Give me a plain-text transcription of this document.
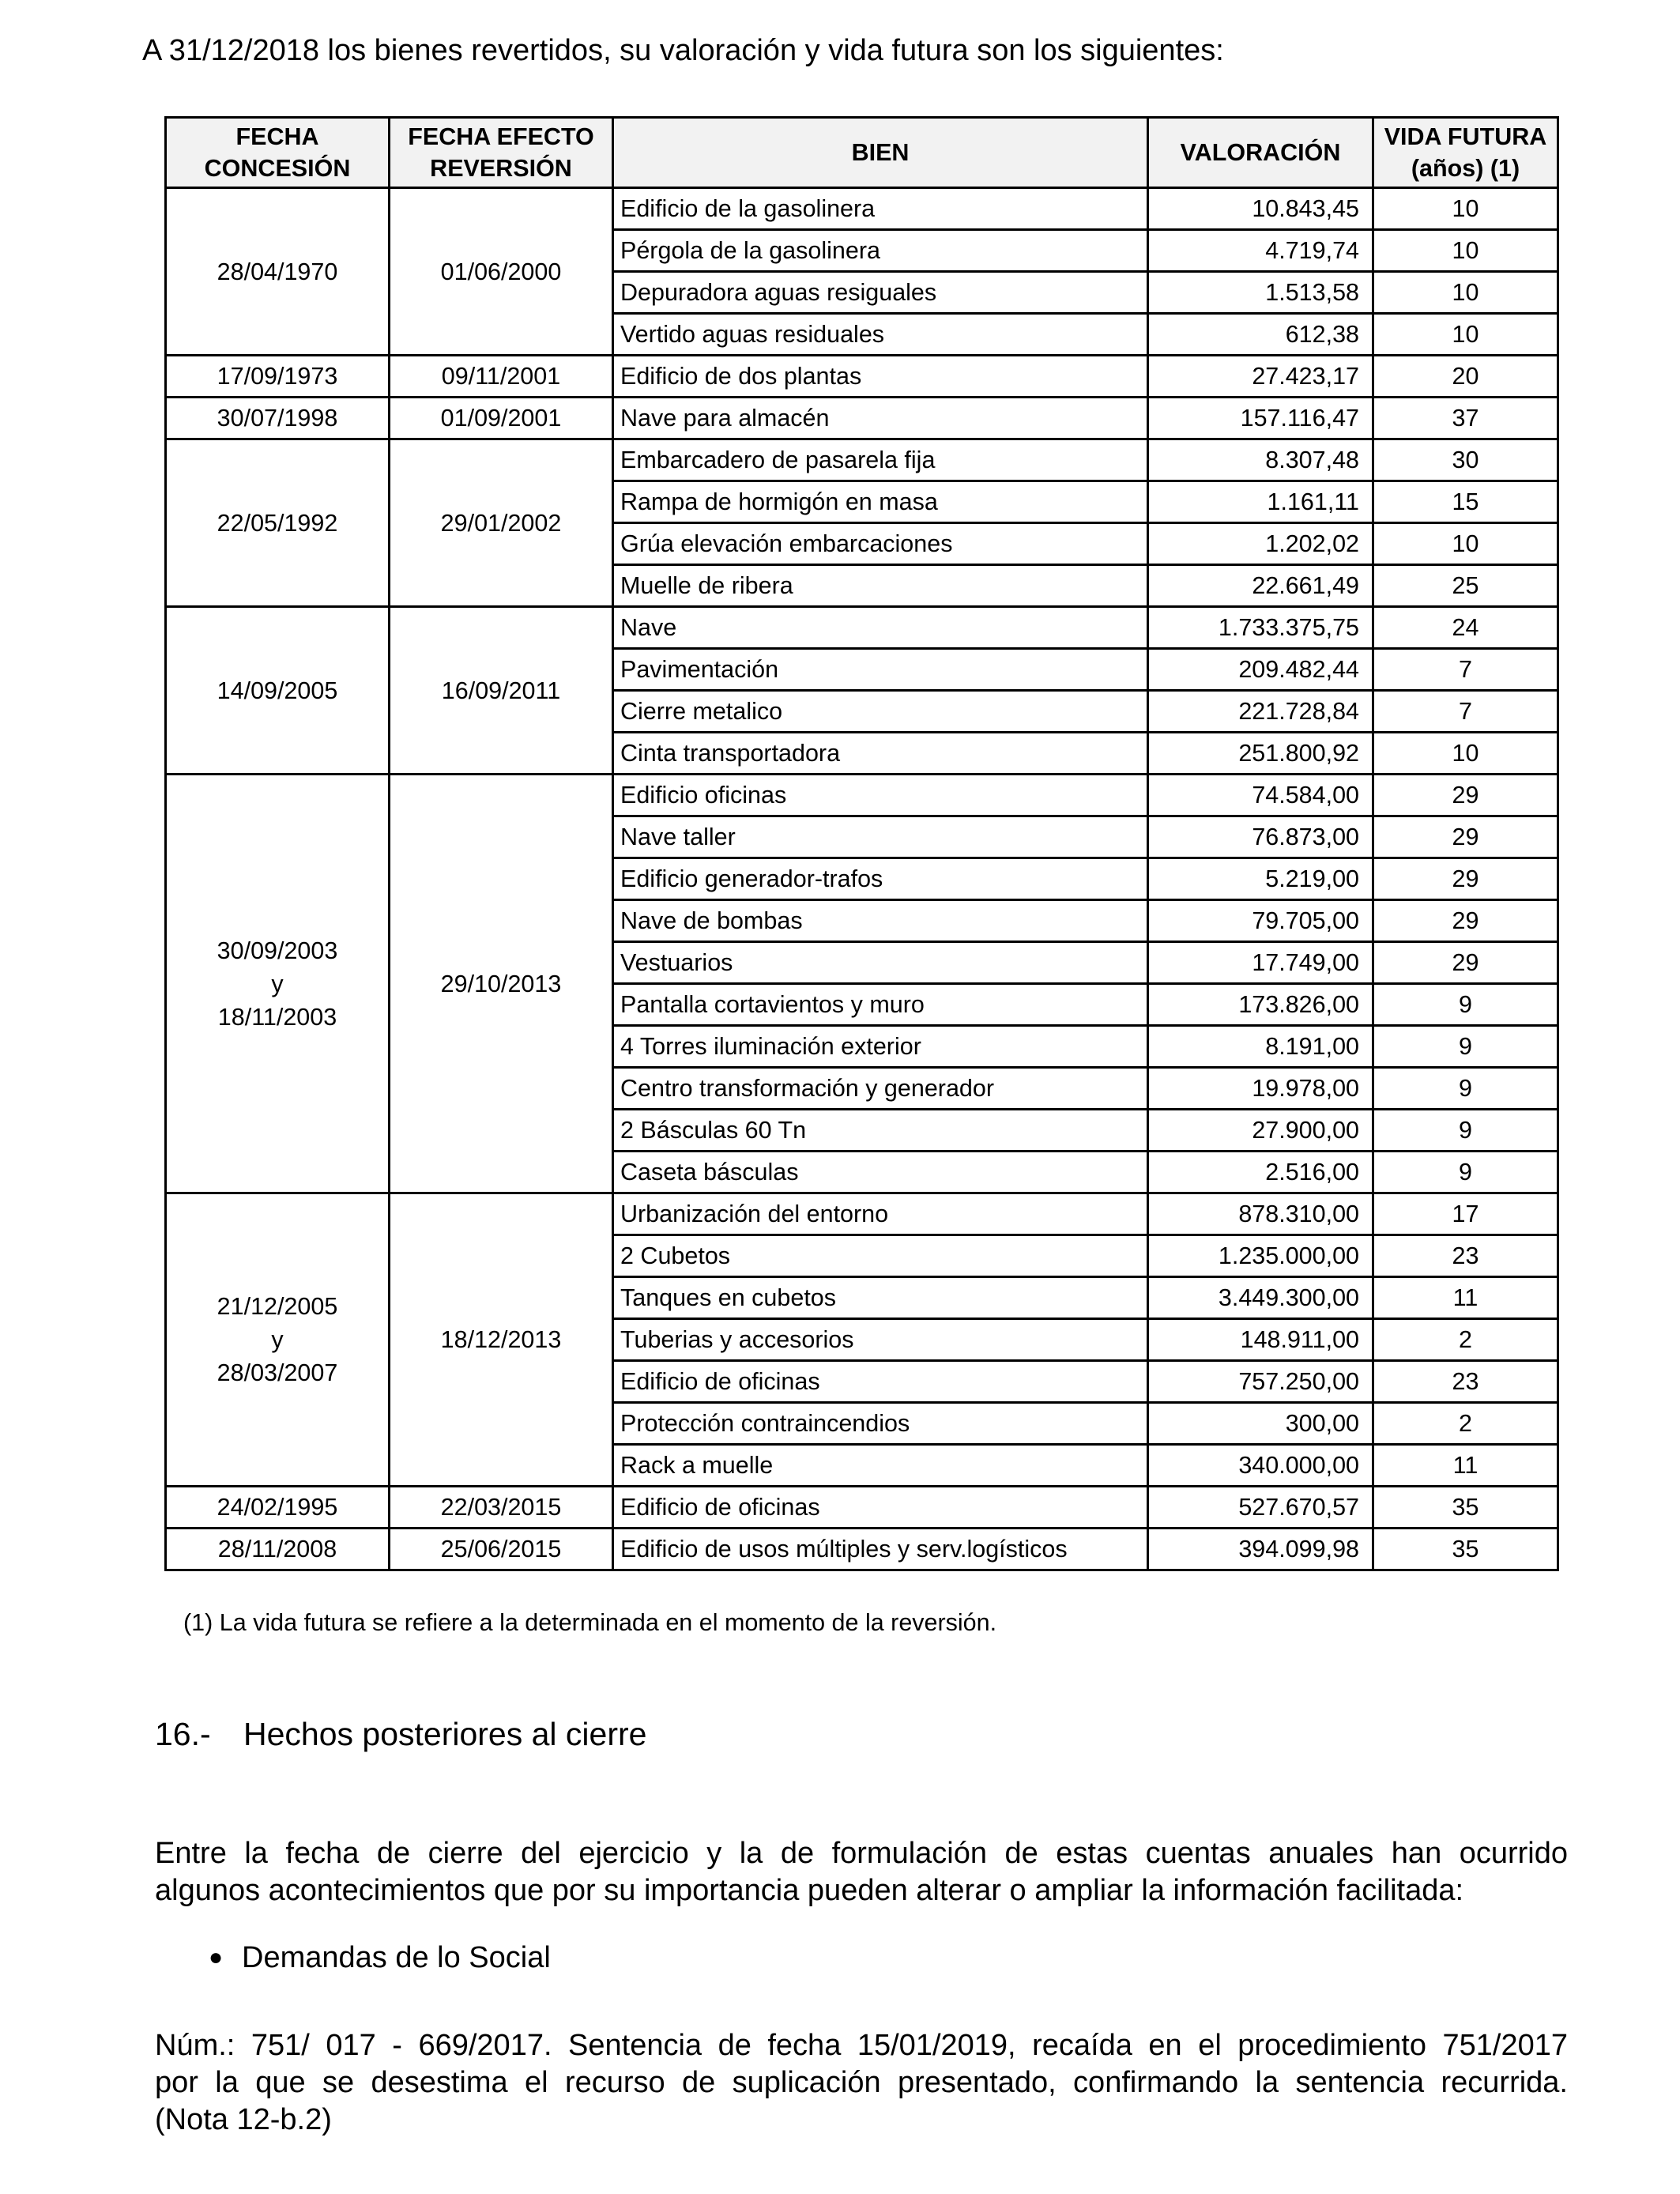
A 31/12/2018 los bienes revertidos, su valoración y vida futura son los siguientes:
FECHA CONCESIÓN	FECHA EFECTO REVERSIÓN	BIEN	VALORACIÓN	VIDA FUTURA (años) (1)

28/04/1970	01/06/2000	Edificio de la gasolinera	10.843,45	10
		Pérgola de la gasolinera	4.719,74	10
		Depuradora aguas resiguales	1.513,58	10
		Vertido aguas residuales	612,38	10

17/09/1973	09/11/2001	Edificio de dos plantas	27.423,17	20

30/07/1998	01/09/2001	Nave para almacén	157.116,47	37

22/05/1992	29/01/2002	Embarcadero de pasarela fija	8.307,48	30
		Rampa de hormigón en masa	1.161,11	15
		Grúa elevación embarcaciones	1.202,02	10
		Muelle de ribera	22.661,49	25

14/09/2005	16/09/2011	Nave	1.733.375,75	24
		Pavimentación	209.482,44	7
		Cierre metalico	221.728,84	7
		Cinta transportadora	251.800,92	10

30/09/2003
y
18/11/2003	29/10/2013	Edificio oficinas	74.584,00	29
		Nave taller	76.873,00	29
		Edificio generador-trafos	5.219,00	29
		Nave de bombas	79.705,00	29
		Vestuarios	17.749,00	29
		Pantalla cortavientos y muro	173.826,00	9
		4 Torres iluminación exterior	8.191,00	9
		Centro transformación y generador	19.978,00	9
		2 Básculas 60 Tn	27.900,00	9
		Caseta básculas	2.516,00	9

21/12/2005
y
28/03/2007	18/12/2013	Urbanización del entorno	878.310,00	17
		2 Cubetos	1.235.000,00	23
		Tanques en cubetos	3.449.300,00	11
		Tuberias y accesorios	148.911,00	2
		Edificio de oficinas	757.250,00	23
		Protección contraincendios	300,00	2
		Rack a muelle	340.000,00	11

24/02/1995	22/03/2015	Edificio de oficinas	527.670,57	35

28/11/2008	25/06/2015	Edificio de usos múltiples y serv.logísticos	394.099,98	35
(1) La vida futura se refiere a la determinada en el momento de la reversión.
16.- Hechos posteriores al cierre
Entre la fecha de cierre del ejercicio y la de formulación de estas cuentas anuales han ocurrido
algunos acontecimientos que por su importancia pueden alterar o ampliar la información facilitada:
● Demandas de lo Social
Núm.: 751/ 017 - 669/2017. Sentencia de fecha 15/01/2019, recaída en el procedimiento 751/2017
por la que se desestima el recurso de suplicación presentado, confirmando la sentencia recurrida.
(Nota 12-b.2)
